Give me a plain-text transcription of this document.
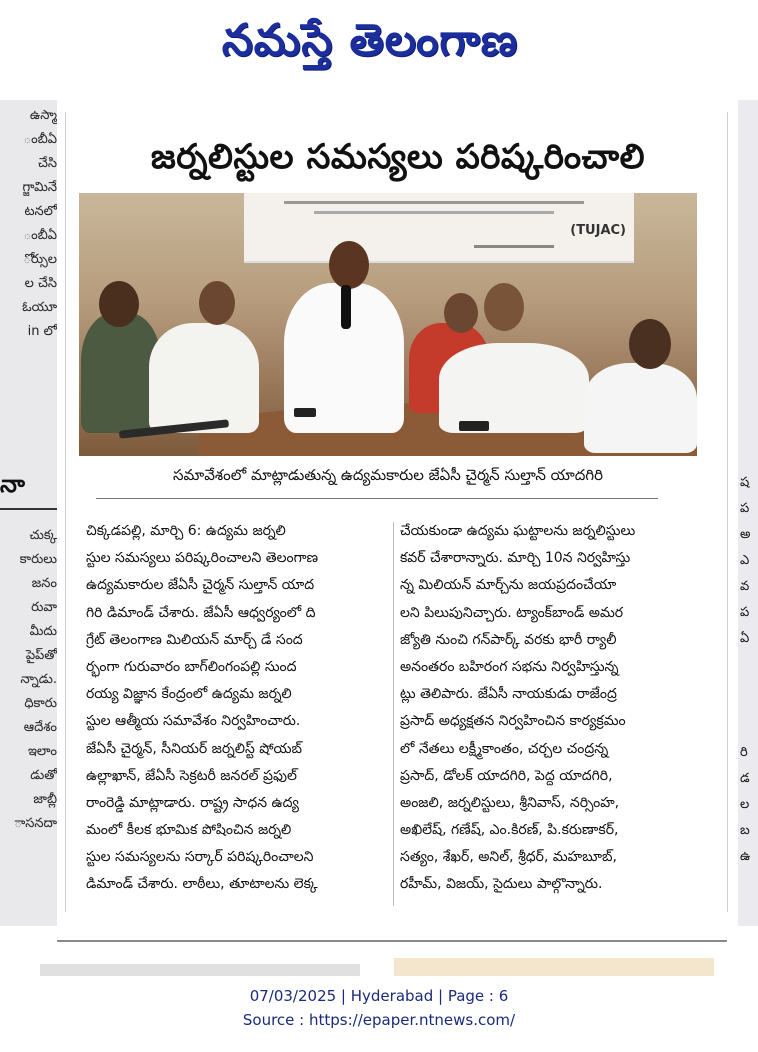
నమస్తే తెలంగాణ
ఉస్మా
ంబీఏ
చేసి
గ్జామినే
టనలో
ంబీఏ
ోర్సుల
ల చేసి
ఓయూ
in లో
నా
చుక్క
కారులు
జనం
రువా
మీదు
పైప్‌తో
న్నాడు.
ధికారు
ఆదేశం
ఇలాం
డుతో
జాబ్లీ
ాసనదా
ష
ప
అ
ఎ
వ
ప
ఏ
రి
డ
ల
బ
ఉ
జర్నలిస్టుల సమస్యలు పరిష్కరించాలి
(TUJAC)
సమావేశంలో మాట్లాడుతున్న ఉద్యమకారుల జేఏసీ చైర్మన్ సుల్తాన్ యాదగిరి
చిక్కడపల్లి, మార్చి 6: ఉద్యమ జర్నలి
స్టుల సమస్యలు పరిష్కరించాలని తెలంగాణ
ఉద్యమకారుల జేఏసీ చైర్మన్ సుల్తాన్ యాద
గిరి డిమాండ్ చేశారు. జేఏసీ ఆధ్వర్యంలో ది
గ్రేట్ తెలంగాణ మిలియన్ మార్చ్ డే సంద
ర్భంగా గురువారం బాగ్‌లింగంపల్లి సుంద
రయ్య విజ్ఞాన కేంద్రంలో ఉద్యమ జర్నలి
స్టుల ఆత్మీయ సమావేశం నిర్వహించారు.
జేఏసీ చైర్మన్, సీనియర్ జర్నలిస్ట్ షోయబ్
ఉల్లాఖాన్, జేఏసీ సెక్రటరీ జనరల్ ప్రఫుల్
రాంరెడ్డి మాట్లాడారు. రాష్ట్ర సాధన ఉద్య
మంలో కీలక భూమిక పోషించిన జర్నలి
స్టుల సమస్యలను సర్కార్ పరిష్కరించాలని
డిమాండ్ చేశారు. లాఠీలు, తూటాలను లెక్క
చేయకుండా ఉద్యమ ఘట్టాలను జర్నలిస్టులు
కవర్ చేశారాన్నారు. మార్చి 10న నిర్వహిస్తు
న్న మిలియన్ మార్చ్‌ను జయప్రదంచేయా
లని పిలుపునిచ్చారు. ట్యాంక్‌బాండ్ అమర
జ్యోతి నుంచి గన్‌పార్క్ వరకు భారీ ర్యాలీ
అనంతరం బహిరంగ సభను నిర్వహిస్తున్న
ట్లు తెలిపారు. జేఏసీ నాయకుడు రాజేంద్ర
ప్రసాద్ అధ్యక్షతన నిర్వహించిన కార్యక్రమం
లో నేతలు లక్ష్మీకాంతం, చర్చల చంద్రన్న
ప్రసాద్, డోలక్ యాదగిరి, పెద్ద యాదగిరి,
అంజలి, జర్నలిస్టులు, శ్రీనివాస్, నర్సింహ,
అఖిలేష్, గణేష్, ఎం.కిరణ్, పి.కరుణాకర్,
సత్యం, శేఖర్, అనిల్, శ్రీధర్, మహబూబ్,
రహీమ్, విజయ్, సైదులు పాల్గొన్నారు.
07/03/2025 | Hyderabad | Page : 6
Source : https://epaper.ntnews.com/
